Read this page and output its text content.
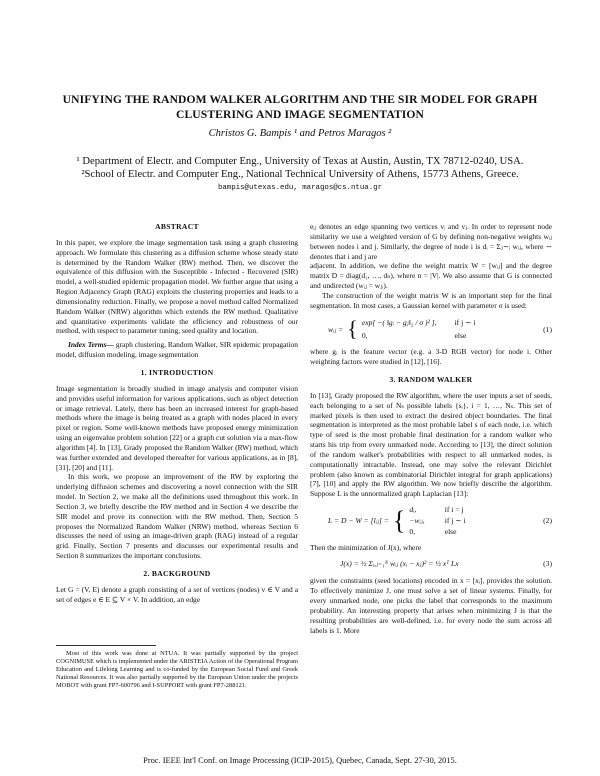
UNIFYING THE RANDOM WALKER ALGORITHM AND THE SIR MODEL FOR GRAPH
CLUSTERING AND IMAGE SEGMENTATION
Christos G. Bampis ¹ and Petros Maragos ²
¹ Department of Electr. and Computer Eng., University of Texas at Austin, Austin, TX 78712-0240, USA.
²School of Electr. and Computer Eng., National Technical University of Athens, 15773 Athens, Greece.
bampis@utexas.edu, maragos@cs.ntua.gr
ABSTRACT

In this paper, we explore the image segmentation task using a graph clustering approach. We formulate this clustering as a diffusion scheme whose steady state is determined by the Random Walker (RW) method. Then, we discover the equivalence of this diffusion with the Susceptible - Infected - Recovered (SIR) model, a well-studied epidemic propagation model. We further argue that using a Region Adjacency Graph (RAG) exploits the clustering properties and leads to a dimensionality reduction. Finally, we propose a novel method called Normalized Random Walker (NRW) algorithm which extends the RW method. Qualitative and quantitative experiments validate the efficiency and robustness of our method, with respect to parameter tuning, seed quality and location.

Index Terms— graph clustering, Random Walker, SIR epidemic propagation model, diffusion modeling, image segmentation

1. INTRODUCTION

Image segmentation is broadly studied in image analysis and computer vision and provides useful information for various applications, such as object detection or image retrieval. Lately, there has been an increased interest for graph-based methods where the image is being treated as a graph with nodes placed in every pixel or region. Some well-known methods have proposed energy minimization using an eigenvalue problem solution [22] or a graph cut solution via a max-flow algorithm [4]. In [13], Grady proposed the Random Walker (RW) method, which was further extended and developed thereafter for various applications, as in [8], [31], [20] and [11].

In this work, we propose an improvement of the RW by exploring the underlying diffusion schemes and discovering a novel connection with the SIR model. In Section 2, we make all the definitions used throughout this work. In Section 3, we briefly describe the RW method and in Section 4 we describe the SIR model and prove its connection with the RW method. Then, Section 5 proposes the Normalized Random Walker (NRW) method, whereas Section 6 discusses the need of using an image-driven graph (RAG) instead of a regular grid. Finally, Section 7 presents and discusses our experimental results and Section 8 summarizes the important conclusions.

2. BACKGROUND

Let G = (V, E) denote a graph consisting of a set of vertices (nodes) v ∈ V and a set of edges e ∈ E ⊆ V × V. In addition, an edge

Most of this work was done at NTUA. It was partially supported by the project COGNIMUSE which is implemented under the ARISTEIA Action of the Operational Program Education and Lifelong Learning and is co-funded by the European Social Fund and Greek National Resources. It was also partially supported by the European Union under the projects MOBOT with grant FP7-600796 and I-SUPPORT with grant FP7-288121.

eᵢⱼ denotes an edge spanning two vertices vᵢ and vⱼ. In order to represent node similarity we use a weighted version of G by defining non-negative weights wᵢⱼ between nodes i and j. Similarly, the degree of node i is dᵢ = Σⱼ∼ᵢ wᵢⱼ, where ∼ denotes that i and j are

adjacent. In addition, we define the weight matrix W = [wᵢⱼ] and the degree matrix D = diag(d₁, …, dₙ), where n = |V|. We also assume that G is connected and undirected (wᵢⱼ = wⱼᵢ).

The construction of the weight matrix W is an important step for the final segmentation. In most cases, a Gaussian kernel with parameter σ is used:

wᵢⱼ = { exp[ −( ‖gᵢ − gⱼ‖₂ / σ )² ], if j ∼ i
0,	else
(1)

where gᵢ is the feature vector (e.g. a 3-D RGB vector) for node i. Other weighting factors were studied in [12], [16].

3. RANDOM WALKER

In [13], Grady proposed the RW algorithm, where the user inputs a set of seeds, each belonging to a set of Nₛ possible labels {sᵢ}, i = 1, …, Nₛ. This set of marked pixels is then used to extract the desired object boundaries. The final segmentation is interpreted as the most probable label s of each node, i.e. which type of seed is the most probable final destination for a random walker who starts his trip from every unmarked node. According to [13], the direct solution of the random walker's probabilities with respect to all unmarked nodes, is computationally intractable. Instead, one may solve the relevant Dirichlet problem (also known as combinatorial Dirichlet integral for graph applications) [7], [10] and apply the RW algorithm. We now briefly describe the algorithm. Suppose L is the unnormalized graph Laplacian [13]:

L = D − W = [lᵢⱼ] = { dᵢ,	if i = j
−wᵢⱼ,	if j ∼ i
0,	else
(2)

Then the minimization of J(x), where

J(x) = ½ Σᵢ,ⱼ₌₁ᴺ wᵢⱼ (xᵢ − xⱼ)² = ½ xᵀ Lx	(3)

given the constraints (seed locations) encoded in x = [xᵢ], provides the solution. To effectively minimize J, one must solve a set of linear systems. Finally, for every unmarked node, one picks the label that corresponds to the maximum probability. An interesting property that arises when minimizing J is that the resulting probabilities are well-defined, i.e. for every node the sum across all labels is 1. More

Proc. IEEE Int'l Conf. on Image Processing (ICIP-2015), Quebec, Canada, Sept. 27-30, 2015.
